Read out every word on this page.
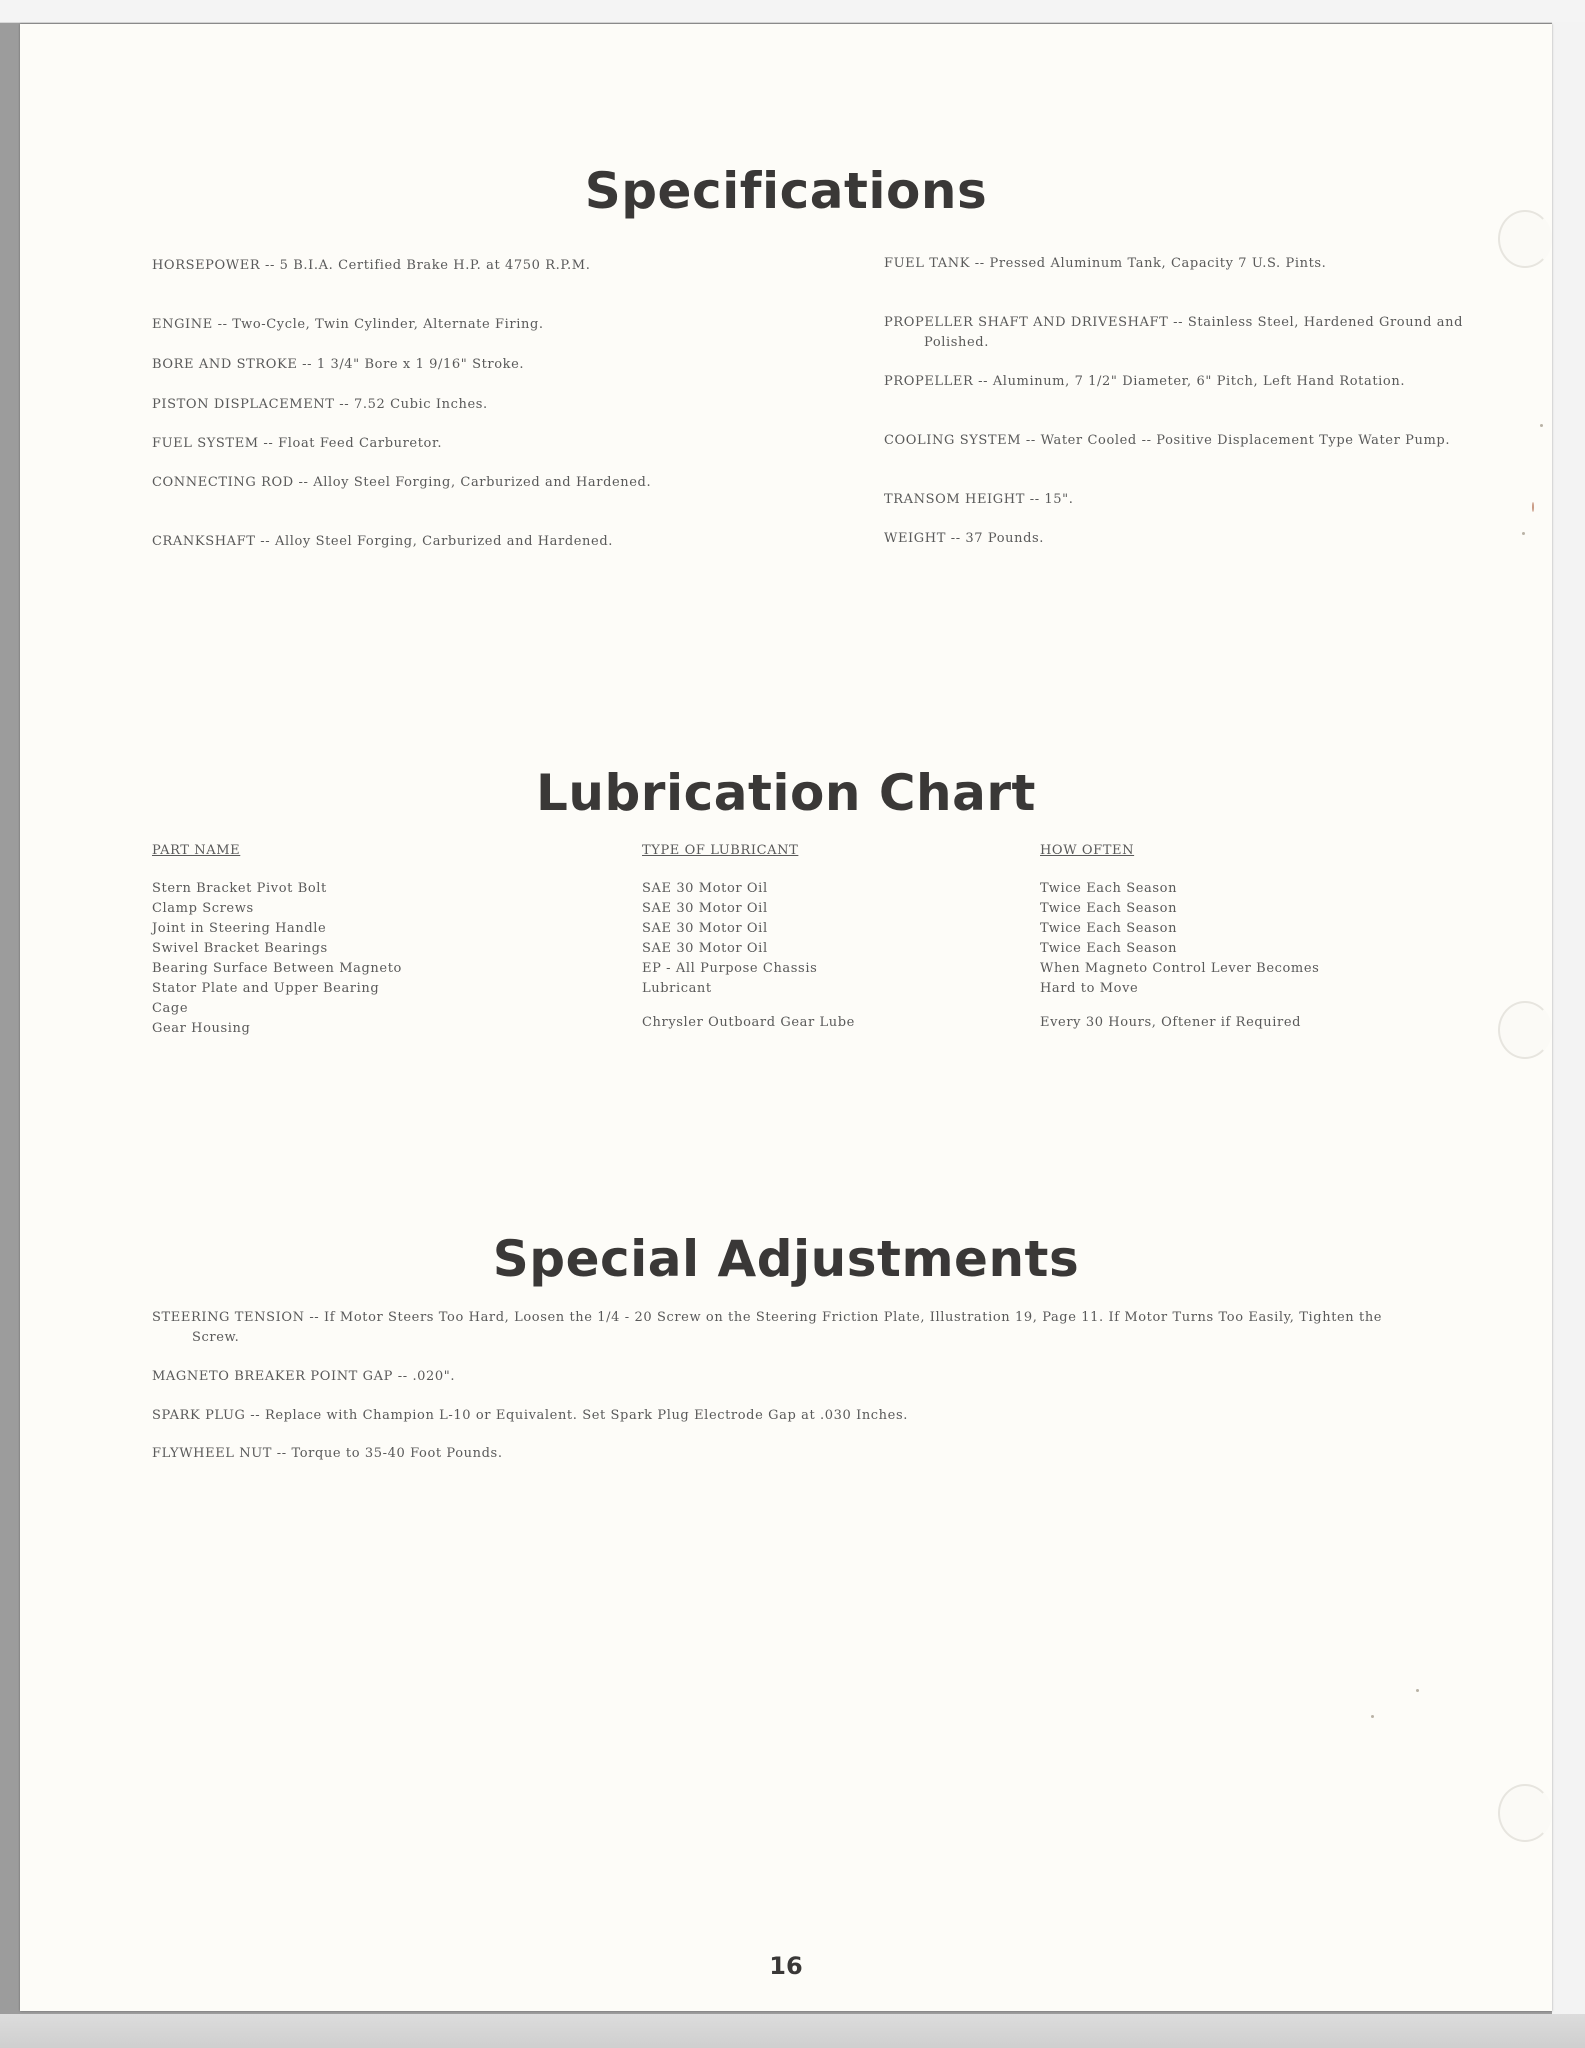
Specifications
HORSEPOWER -- 5 B.I.A. Certified Brake H.P. at 4750 R.P.M.
ENGINE -- Two-Cycle, Twin Cylinder, Alternate Firing.
BORE AND STROKE -- 1 3/4" Bore x 1 9/16" Stroke.
PISTON DISPLACEMENT -- 7.52 Cubic Inches.
FUEL SYSTEM -- Float Feed Carburetor.
CONNECTING ROD -- Alloy Steel Forging, Carburized and Hardened.
CRANKSHAFT -- Alloy Steel Forging, Carburized and Hardened.
FUEL TANK -- Pressed Aluminum Tank, Capacity 7 U.S. Pints.
PROPELLER SHAFT AND DRIVESHAFT -- Stainless Steel, Hardened Ground and Polished.
PROPELLER -- Aluminum, 7 1/2" Diameter, 6" Pitch, Left Hand Rotation.
COOLING SYSTEM -- Water Cooled -- Positive Displacement Type Water Pump.
TRANSOM HEIGHT -- 15".
WEIGHT -- 37 Pounds.
Lubrication Chart
PART NAME
Stern Bracket Pivot Bolt
Clamp Screws
Joint in Steering Handle
Swivel Bracket Bearings
Bearing Surface Between Magneto
Stator Plate and Upper Bearing
Cage
Gear Housing
TYPE OF LUBRICANT
SAE 30 Motor Oil
SAE 30 Motor Oil
SAE 30 Motor Oil
SAE 30 Motor Oil
EP - All Purpose Chassis
Lubricant
Chrysler Outboard Gear Lube
HOW OFTEN
Twice Each Season
Twice Each Season
Twice Each Season
Twice Each Season
When Magneto Control Lever Becomes
Hard to Move
Every 30 Hours, Oftener if Required
Special Adjustments
STEERING TENSION -- If Motor Steers Too Hard, Loosen the 1/4 - 20 Screw on the Steering Friction Plate, Illustration 19, Page 11. If Motor Turns Too Easily, Tighten the Screw.
MAGNETO BREAKER POINT GAP -- .020".
SPARK PLUG -- Replace with Champion L-10 or Equivalent. Set Spark Plug Electrode Gap at .030 Inches.
FLYWHEEL NUT -- Torque to 35-40 Foot Pounds.
16
